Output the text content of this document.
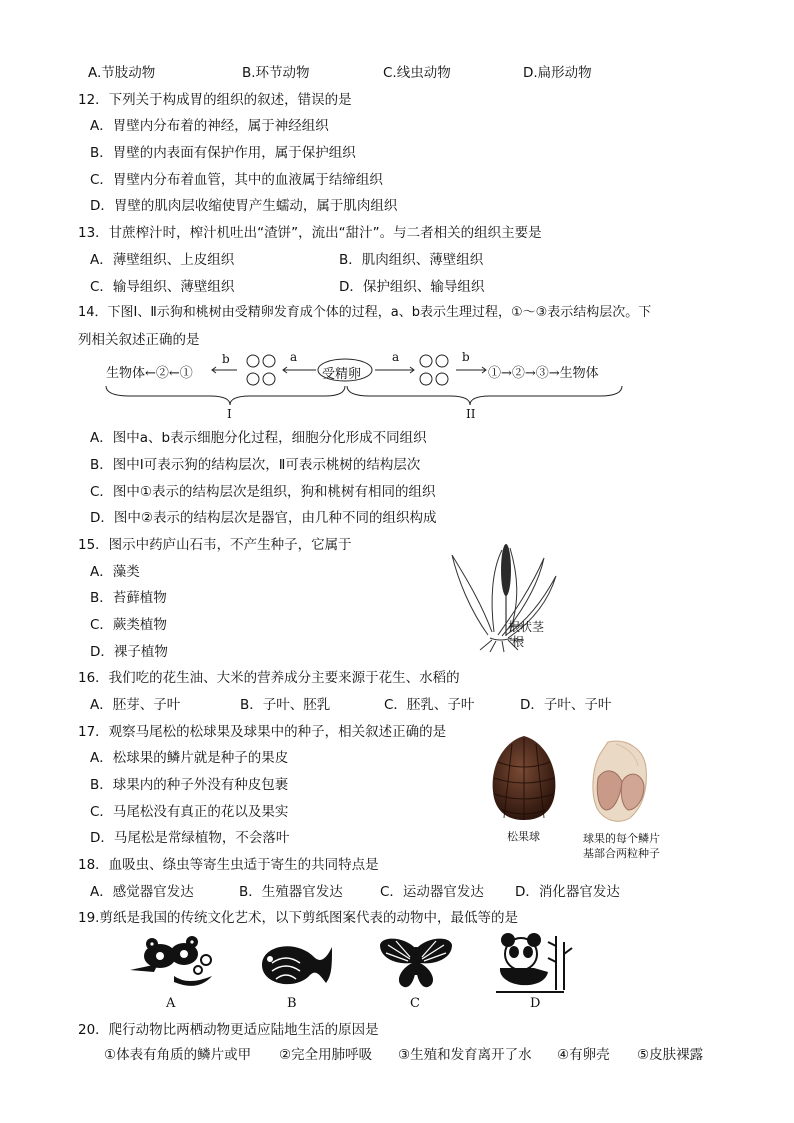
A.节肢动物	B.环节动物	C.线虫动物	D.扁形动物
12．下列关于构成胃的组织的叙述，错误的是
A．胃壁内分布着的神经，属于神经组织
B．胃壁的内表面有保护作用，属于保护组织
C．胃壁内分布着血管，其中的血液属于结缔组织
D．胃壁的肌肉层收缩使胃产生蠕动，属于肌肉组织
13．甘蔗榨汁时，榨汁机吐出“渣饼”，流出“甜汁”。与二者相关的组织主要是
A．薄壁组织、上皮组织	B．肌肉组织、薄壁组织
C．输导组织、薄壁组织	D．保护组织、输导组织
14．下图Ⅰ、Ⅱ示狗和桃树由受精卵发育成个体的过程，a、b表示生理过程，①～③表示结构层次。下
列相关叙述正确的是
生物体←②←①
b	a
受精卵
a	b
①→②→③→生物体
I	II
A．图中a、b表示细胞分化过程，细胞分化形成不同组织
B．图中Ⅰ可表示狗的结构层次，Ⅱ可表示桃树的结构层次
C．图中①表示的结构层次是组织，狗和桃树有相同的组织
D．图中②表示的结构层次是器官，由几种不同的组织构成
15．图示中药庐山石韦，不产生种子，它属于
A．藻类
B．苔藓植物
C．蕨类植物
D．裸子植物
根状茎
根
16．我们吃的花生油、大米的营养成分主要来源于花生、水稻的
A．胚芽、子叶	B．子叶、胚乳	C．胚乳、子叶	D．子叶、子叶
17．观察马尾松的松球果及球果中的种子，相关叙述正确的是
A．松球果的鳞片就是种子的果皮
B．球果内的种子外没有种皮包裹
C．马尾松没有真正的花以及果实
D．马尾松是常绿植物，不会落叶	松果球	球果的每个鳞片
基部合两粒种子
18．血吸虫、绦虫等寄生虫适于寄生的共同特点是
A．感觉器官发达	B．生殖器官发达	C．运动器官发达 D．消化器官发达
19.剪纸是我国的传统文化艺术，以下剪纸图案代表的动物中，最低等的是
A	B	C	D
20．爬行动物比两栖动物更适应陆地生活的原因是
①体表有角质的鳞片或甲 ②完全用肺呼吸 ③生殖和发育离开了水 ④有卵壳 ⑤皮肤裸露
